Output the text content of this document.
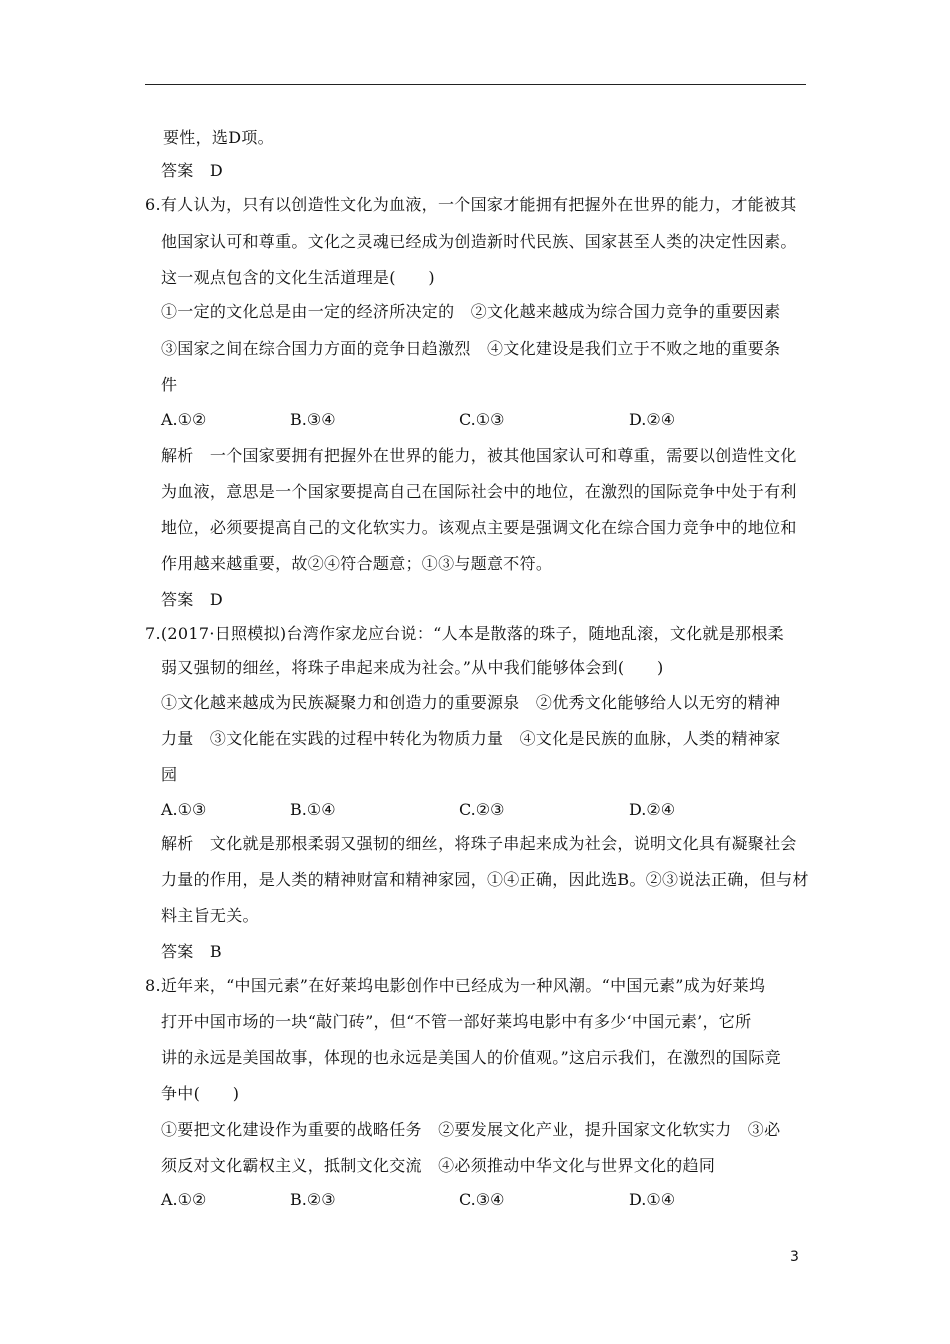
要性，选D项。
答案　D
6.有人认为，只有以创造性文化为血液，一个国家才能拥有把握外在世界的能力，才能被其
他国家认可和尊重。文化之灵魂已经成为创造新时代民族、国家甚至人类的决定性因素。
这一观点包含的文化生活道理是(　　)
①一定的文化总是由一定的经济所决定的　②文化越来越成为综合国力竞争的重要因素
③国家之间在综合国力方面的竞争日趋激烈　④文化建设是我们立于不败之地的重要条
件
A.①②	B.③④	C.①③	D.②④
解析　一个国家要拥有把握外在世界的能力，被其他国家认可和尊重，需要以创造性文化
为血液，意思是一个国家要提高自己在国际社会中的地位，在激烈的国际竞争中处于有利
地位，必须要提高自己的文化软实力。该观点主要是强调文化在综合国力竞争中的地位和
作用越来越重要，故②④符合题意；①③与题意不符。
答案　D
7.(2017·日照模拟)台湾作家龙应台说：“人本是散落的珠子，随地乱滚，文化就是那根柔
弱又强韧的细丝，将珠子串起来成为社会。”从中我们能够体会到(　　)
①文化越来越成为民族凝聚力和创造力的重要源泉　②优秀文化能够给人以无穷的精神
力量　③文化能在实践的过程中转化为物质力量　④文化是民族的血脉，人类的精神家
园
A.①③	B.①④	C.②③	D.②④
解析　文化就是那根柔弱又强韧的细丝，将珠子串起来成为社会，说明文化具有凝聚社会
力量的作用，是人类的精神财富和精神家园，①④正确，因此选B。②③说法正确，但与材
料主旨无关。
答案　B
8.近年来，“中国元素”在好莱坞电影创作中已经成为一种风潮。“中国元素”成为好莱坞
打开中国市场的一块“敲门砖”，但“不管一部好莱坞电影中有多少‘中国元素’，它所
讲的永远是美国故事，体现的也永远是美国人的价值观。”这启示我们，在激烈的国际竞
争中(　　)
①要把文化建设作为重要的战略任务　②要发展文化产业，提升国家文化软实力　③必
须反对文化霸权主义，抵制文化交流　④必须推动中华文化与世界文化的趋同
A.①②	B.②③	C.③④	D.①④
3
